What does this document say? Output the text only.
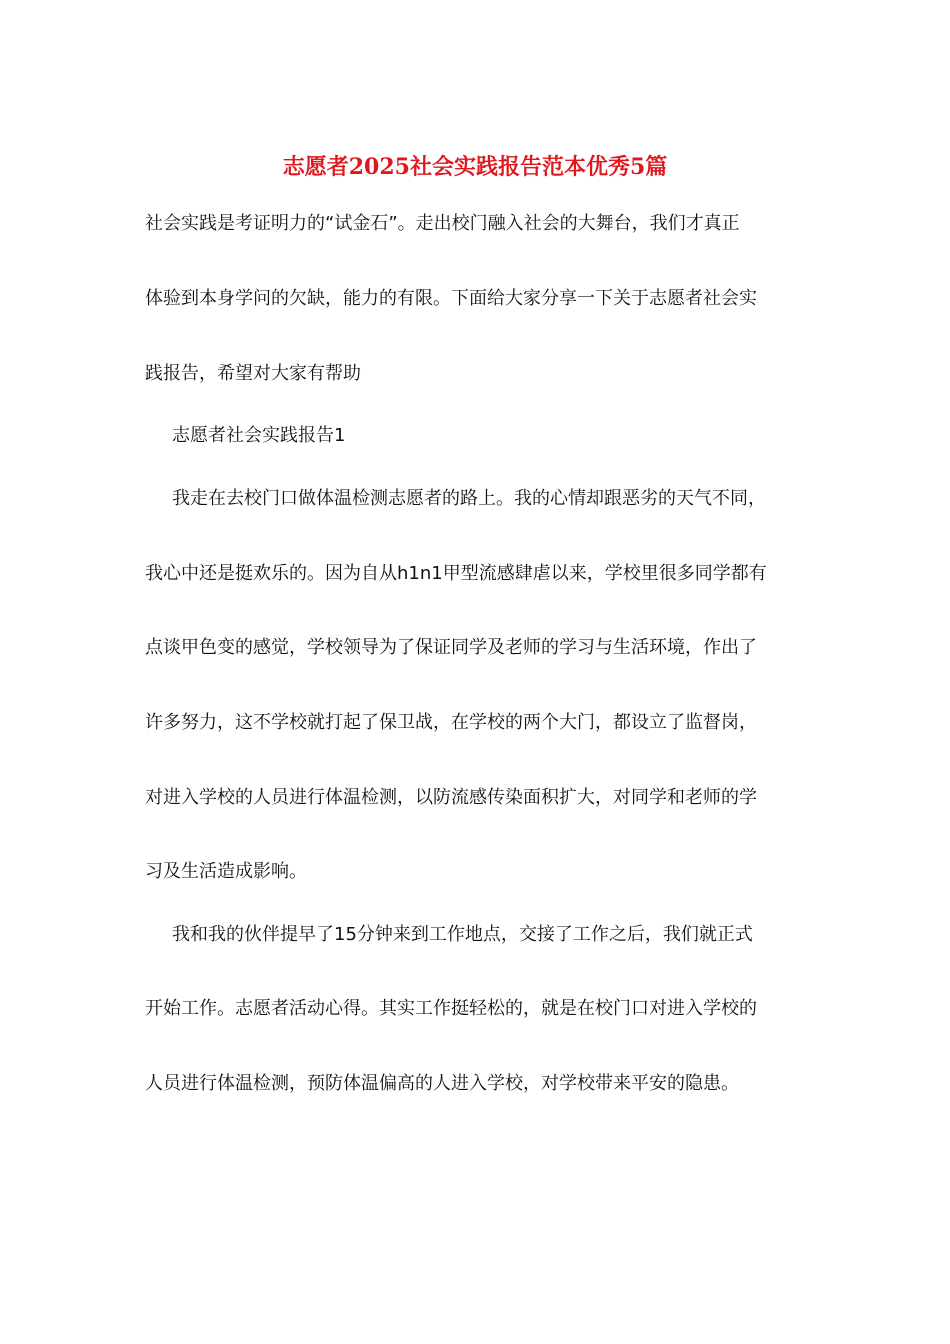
志愿者2025社会实践报告范本优秀5篇
社会实践是考证明力的“试金石”。走出校门融入社会的大舞台，我们才真正
体验到本身学问的欠缺，能力的有限。下面给大家分享一下关于志愿者社会实
践报告，希望对大家有帮助
志愿者社会实践报告1
我走在去校门口做体温检测志愿者的路上。我的心情却跟恶劣的天气不同，
我心中还是挺欢乐的。因为自从h1n1甲型流感肆虐以来，学校里很多同学都有
点谈甲色变的感觉，学校领导为了保证同学及老师的学习与生活环境，作出了
许多努力，这不学校就打起了保卫战，在学校的两个大门，都设立了监督岗，
对进入学校的人员进行体温检测，以防流感传染面积扩大，对同学和老师的学
习及生活造成影响。
我和我的伙伴提早了15分钟来到工作地点，交接了工作之后，我们就正式
开始工作。志愿者活动心得。其实工作挺轻松的，就是在校门口对进入学校的
人员进行体温检测，预防体温偏高的人进入学校，对学校带来平安的隐患。
